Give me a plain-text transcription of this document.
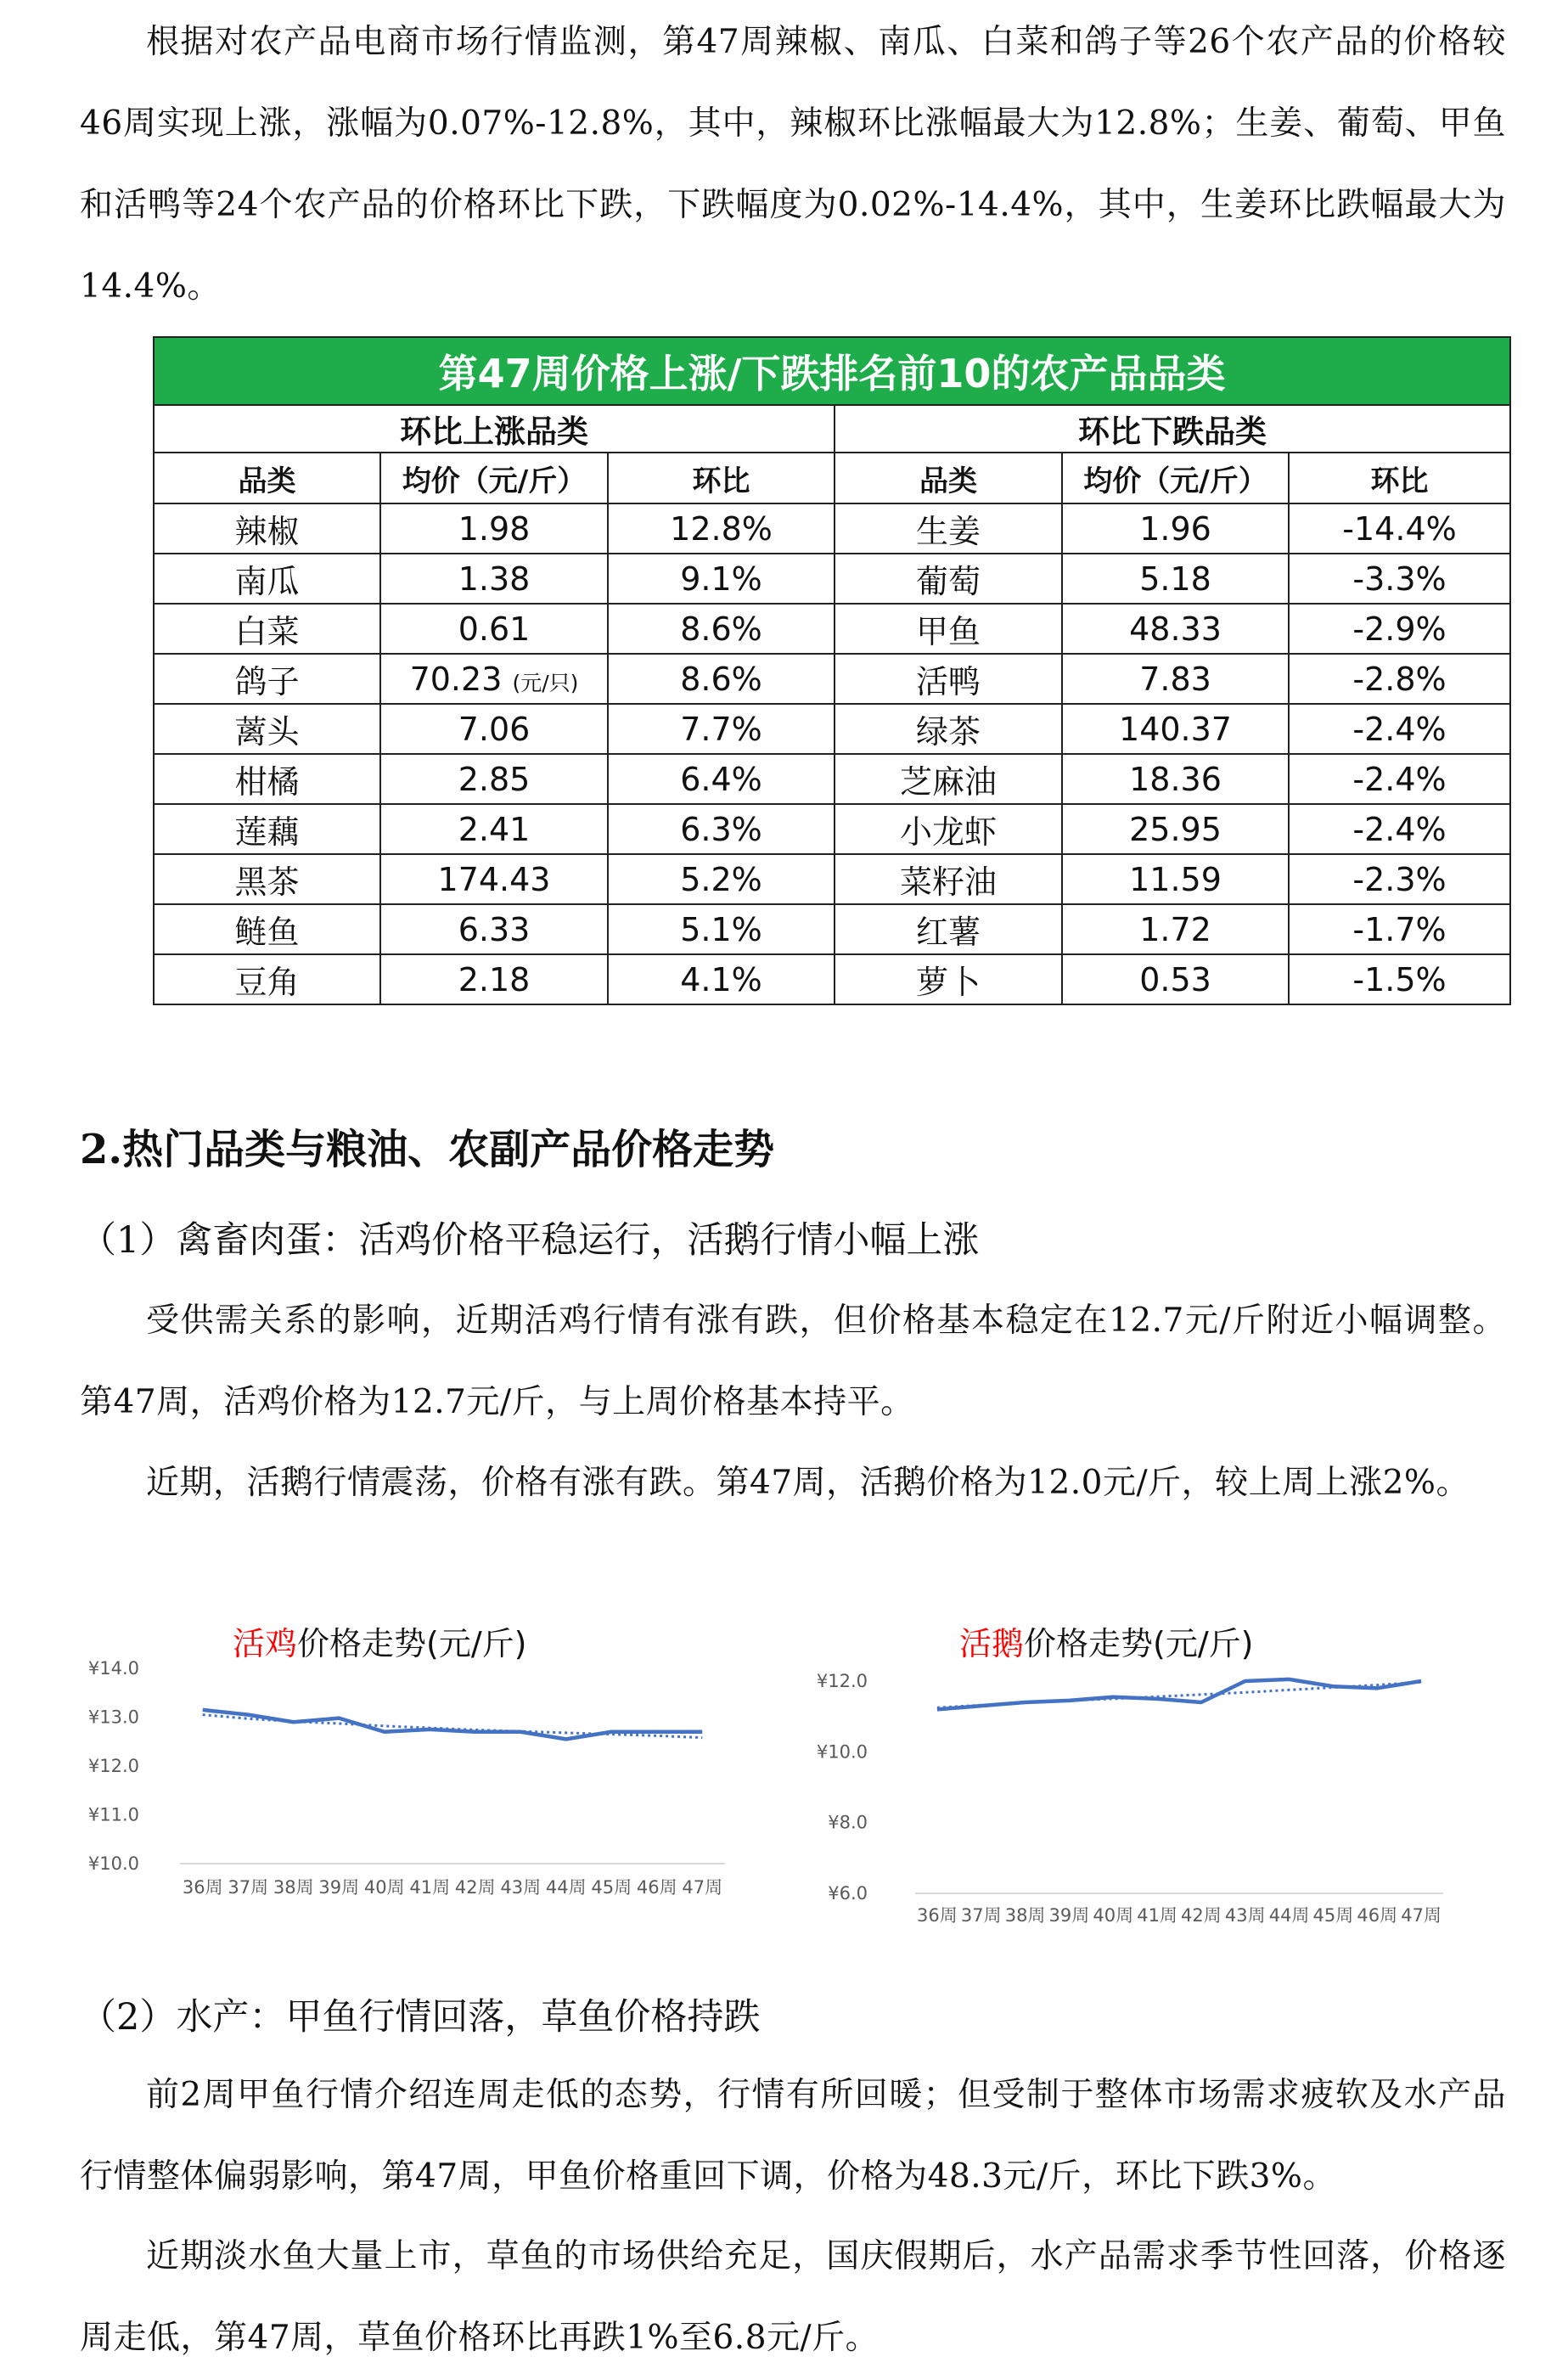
根据对农产品电商市场行情监测，第47周辣椒、南瓜、白菜和鸽子等26个农产品的价格较46周实现上涨，涨幅为0.07%-12.8%，其中，辣椒环比涨幅最大为12.8%；生姜、葡萄、甲鱼和活鸭等24个农产品的价格环比下跌，下跌幅度为0.02%-14.4%，其中，生姜环比跌幅最大为14.4%。

第47周价格上涨/下跌排名前10的农产品品类					
环比上涨品类			环比下跌品类		
品类	均价（元/斤）	环比	品类	均价（元/斤）	环比
辣椒	1.98	12.8%	生姜	1.96	-14.4%
南瓜	1.38	9.1%	葡萄	5.18	-3.3%
白菜	0.61	8.6%	甲鱼	48.33	-2.9%
鸽子	70.23 (元/只)	8.6%	活鸭	7.83	-2.8%
蓠头	7.06	7.7%	绿茶	140.37	-2.4%
柑橘	2.85	6.4%	芝麻油	18.36	-2.4%
莲藕	2.41	6.3%	小龙虾	25.95	-2.4%
黑茶	174.43	5.2%	菜籽油	11.59	-2.3%
鲢鱼	6.33	5.1%	红薯	1.72	-1.7%
豆角	2.18	4.1%	萝卜	0.53	-1.5%
2.热门品类与粮油、农副产品价格走势
（1）禽畜肉蛋：活鸡价格平稳运行，活鹅行情小幅上涨

受供需关系的影响，近期活鸡行情有涨有跌，但价格基本稳定在12.7元/斤附近小幅调整。第47周，活鸡价格为12.7元/斤，与上周价格基本持平。

近期，活鹅行情震荡，价格有涨有跌。第47周，活鹅价格为12.0元/斤，较上周上涨2%。

活鸡价格走势(元/斤)
¥14.0
¥13.0
¥12.0
¥11.0
¥10.0
36周 37周 38周 39周 40周 41周 42周 43周 44周 45周 46周 47周
活鹅价格走势(元/斤)
¥12.0
¥10.0
¥8.0
¥6.0
36周 37周 38周 39周 40周 41周 42周 43周 44周 45周 46周 47周
（2）水产：甲鱼行情回落，草鱼价格持跌

前2周甲鱼行情介绍连周走低的态势，行情有所回暖；但受制于整体市场需求疲软及水产品行情整体偏弱影响，第47周，甲鱼价格重回下调，价格为48.3元/斤，环比下跌3%。

近期淡水鱼大量上市，草鱼的市场供给充足，国庆假期后，水产品需求季节性回落，价格逐周走低，第47周，草鱼价格环比再跌1%至6.8元/斤。
